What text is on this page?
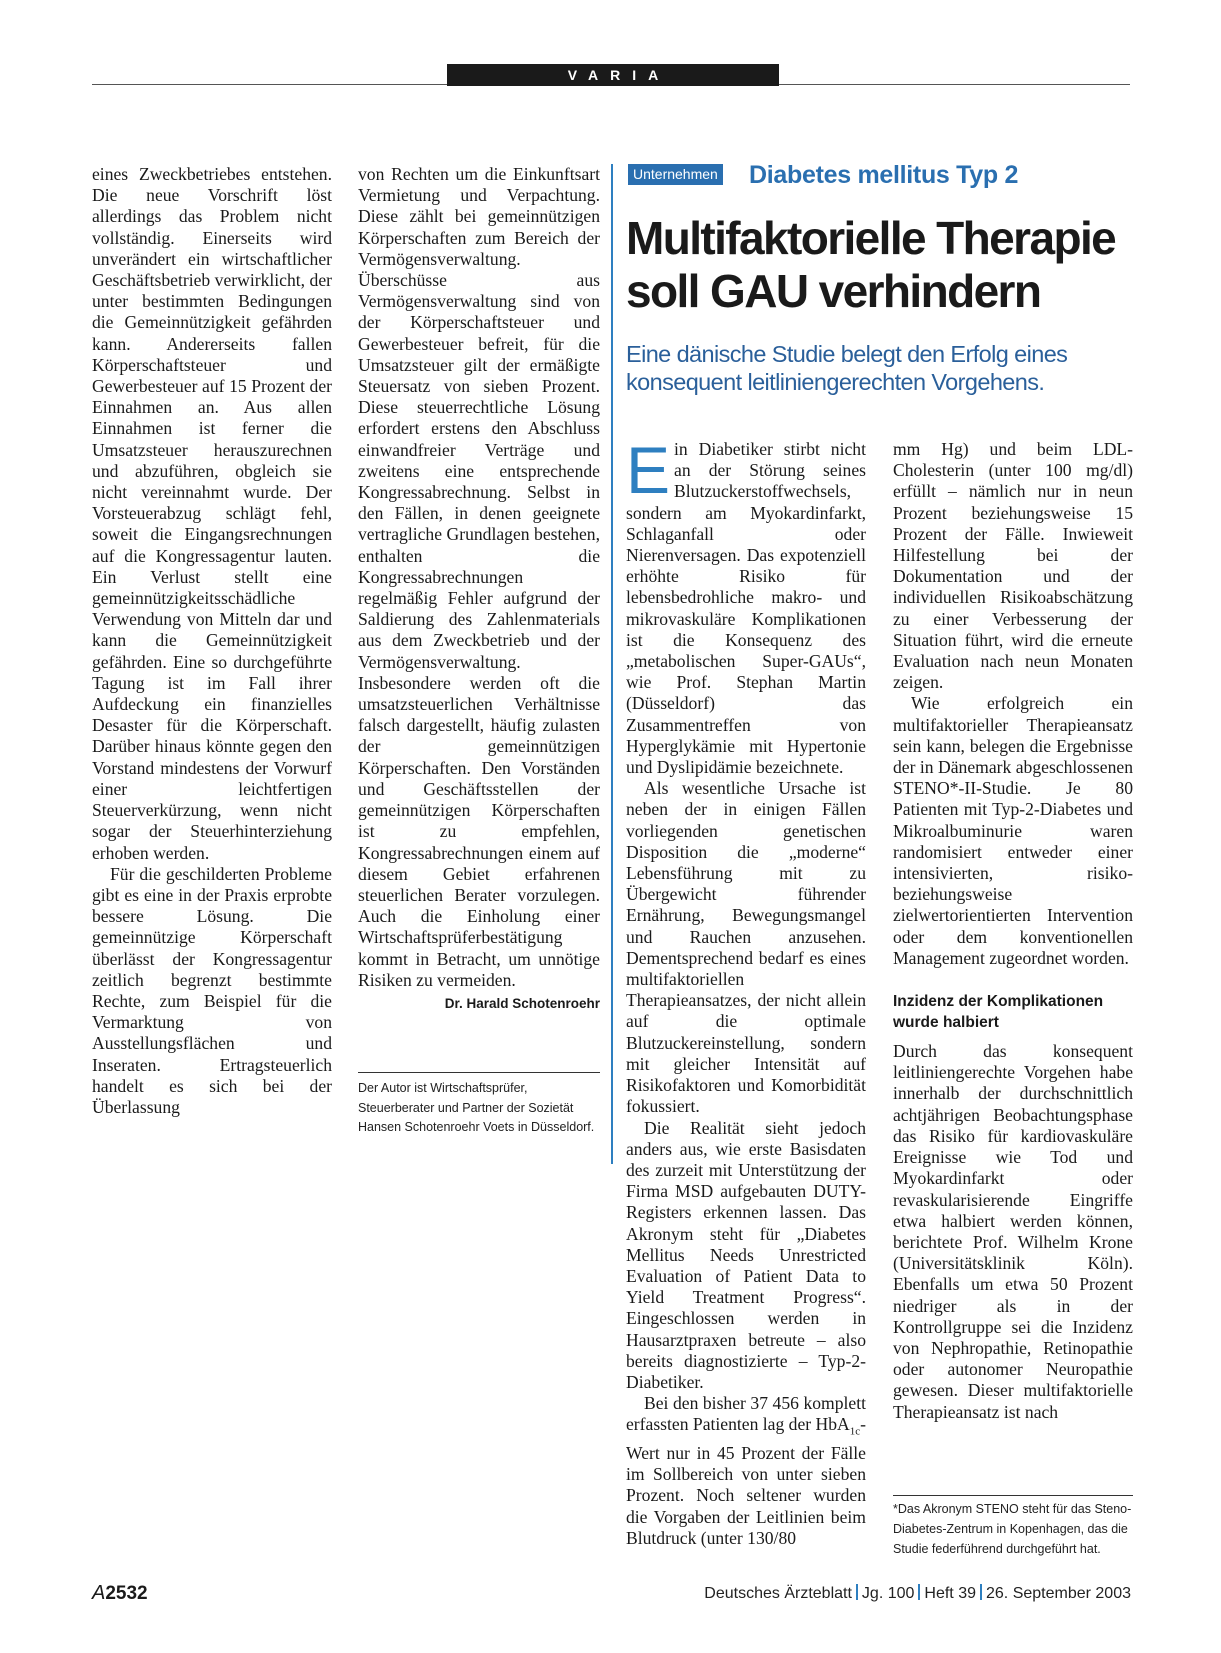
VARIA

eines Zweckbetriebes entstehen. Die neue Vorschrift löst allerdings das Problem nicht vollständig. Einerseits wird unverändert ein wirtschaftlicher Geschäftsbetrieb verwirklicht, der unter bestimmten Bedingungen die Gemeinnützigkeit gefährden kann. Andererseits fallen Körperschaftsteuer und Gewerbesteuer auf 15 Prozent der Einnahmen an. Aus allen Einnahmen ist ferner die Umsatzsteuer herauszurechnen und abzuführen, obgleich sie nicht vereinnahmt wurde. Der Vorsteuerabzug schlägt fehl, soweit die Eingangsrechnungen auf die Kongressagentur lauten. Ein Verlust stellt eine gemeinnützigkeitsschädliche Verwendung von Mitteln dar und kann die Gemeinnützigkeit gefährden. Eine so durchgeführte Tagung ist im Fall ihrer Aufdeckung ein finanzielles Desaster für die Körperschaft. Darüber hinaus könnte gegen den Vorstand mindestens der Vorwurf einer leichtfertigen Steuerverkürzung, wenn nicht sogar der Steuerhinterziehung erhoben werden.

Für die geschilderten Probleme gibt es eine in der Praxis erprobte bessere Lösung. Die gemeinnützige Körperschaft überlässt der Kongressagentur zeitlich begrenzt bestimmte Rechte, zum Beispiel für die Vermarktung von Ausstellungsflächen und Inseraten. Ertragsteuerlich handelt es sich bei der Überlassung

von Rechten um die Einkunftsart Vermietung und Verpachtung. Diese zählt bei gemeinnützigen Körperschaften zum Bereich der Vermögensverwaltung. Überschüsse aus Vermögensverwaltung sind von der Körperschaftsteuer und Gewerbesteuer befreit, für die Umsatzsteuer gilt der ermäßigte Steuersatz von sieben Prozent. Diese steuerrechtliche Lösung erfordert erstens den Abschluss einwandfreier Verträge und zweitens eine entsprechende Kongressabrechnung. Selbst in den Fällen, in denen geeignete vertragliche Grundlagen bestehen, enthalten die Kongressabrechnungen regelmäßig Fehler aufgrund der Saldierung des Zahlenmaterials aus dem Zweckbetrieb und der Vermögensverwaltung. Insbesondere werden oft die umsatzsteuerlichen Verhältnisse falsch dargestellt, häufig zulasten der gemeinnützigen Körperschaften. Den Vorständen und Geschäftsstellen der gemeinnützigen Körperschaften ist zu empfehlen, Kongressabrechnungen einem auf diesem Gebiet erfahrenen steuerlichen Berater vorzulegen. Auch die Einholung einer Wirtschaftsprüferbestätigung kommt in Betracht, um unnötige Risiken zu vermeiden.
Dr. Harald Schotenroehr

Der Autor ist Wirtschaftsprüfer, Steuerberater und Partner der Sozietät Hansen Schotenroehr Voets in Düsseldorf.
Unternehmen Diabetes mellitus Typ 2
Multifaktorielle Therapie soll GAU verhindern
Eine dänische Studie belegt den Erfolg eines konsequent leitliniengerechten Vorgehens.

Ein Diabetiker stirbt nicht an der Störung seines Blutzuckerstoffwechsels, sondern am Myokardinfarkt, Schlaganfall oder Nierenversagen. Das expotenziell erhöhte Risiko für lebensbedrohliche makro- und mikrovaskuläre Komplikationen ist die Konsequenz des „metabolischen Super-GAUs“, wie Prof. Stephan Martin (Düsseldorf) das Zusammentreffen von Hyperglykämie mit Hypertonie und Dyslipidämie bezeichnete.

Als wesentliche Ursache ist neben der in einigen Fällen vorliegenden genetischen Disposition die „moderne“ Lebensführung mit zu Übergewicht führender Ernährung, Bewegungsmangel und Rauchen anzusehen. Dementsprechend bedarf es eines multifaktoriellen Therapieansatzes, der nicht allein auf die optimale Blutzuckereinstellung, sondern mit gleicher Intensität auf Risikofaktoren und Komorbidität fokussiert.

Die Realität sieht jedoch anders aus, wie erste Basisdaten des zurzeit mit Unterstützung der Firma MSD aufgebauten DUTY-Registers erkennen lassen. Das Akronym steht für „Diabetes Mellitus Needs Unrestricted Evaluation of Patient Data to Yield Treatment Progress“. Eingeschlossen werden in Hausarztpraxen betreute – also bereits diagnostizierte – Typ-2-Diabetiker.

Bei den bisher 37 456 komplett erfassten Patienten lag der HbA$_{1c}$-Wert nur in 45 Prozent der Fälle im Sollbereich von unter sieben Prozent. Noch seltener wurden die Vorgaben der Leitlinien beim Blutdruck (unter 130/80

mm Hg) und beim LDL-Cholesterin (unter 100 mg/dl) erfüllt – nämlich nur in neun Prozent beziehungsweise 15 Prozent der Fälle. Inwieweit Hilfestellung bei der Dokumentation und der individuellen Risikoabschätzung zu einer Verbesserung der Situation führt, wird die erneute Evaluation nach neun Monaten zeigen.

Wie erfolgreich ein multifaktorieller Therapieansatz sein kann, belegen die Ergebnisse der in Dänemark abgeschlossenen STENO*-II-Studie. Je 80 Patienten mit Typ-2-Diabetes und Mikroalbuminurie waren randomisiert entweder einer intensivierten, risiko- beziehungsweise zielwertorientierten Intervention oder dem konventionellen Management zugeordnet worden.

Inzidenz der Komplikationen wurde halbiert

Durch das konsequent leitliniengerechte Vorgehen habe innerhalb der durchschnittlich achtjährigen Beobachtungsphase das Risiko für kardiovaskuläre Ereignisse wie Tod und Myokardinfarkt oder revaskularisierende Eingriffe etwa halbiert werden können, berichtete Prof. Wilhelm Krone (Universitätsklinik Köln). Ebenfalls um etwa 50 Prozent niedriger als in der Kontrollgruppe sei die Inzidenz von Nephropathie, Retinopathie oder autonomer Neuropathie gewesen. Dieser multifaktorielle Therapieansatz ist nach

*Das Akronym STENO steht für das Steno-Diabetes-Zentrum in Kopenhagen, das die Studie federführend durchgeführt hat.
A2532	Deutsches Ärzteblatt Jg. 100 Heft 39 26. September 2003
